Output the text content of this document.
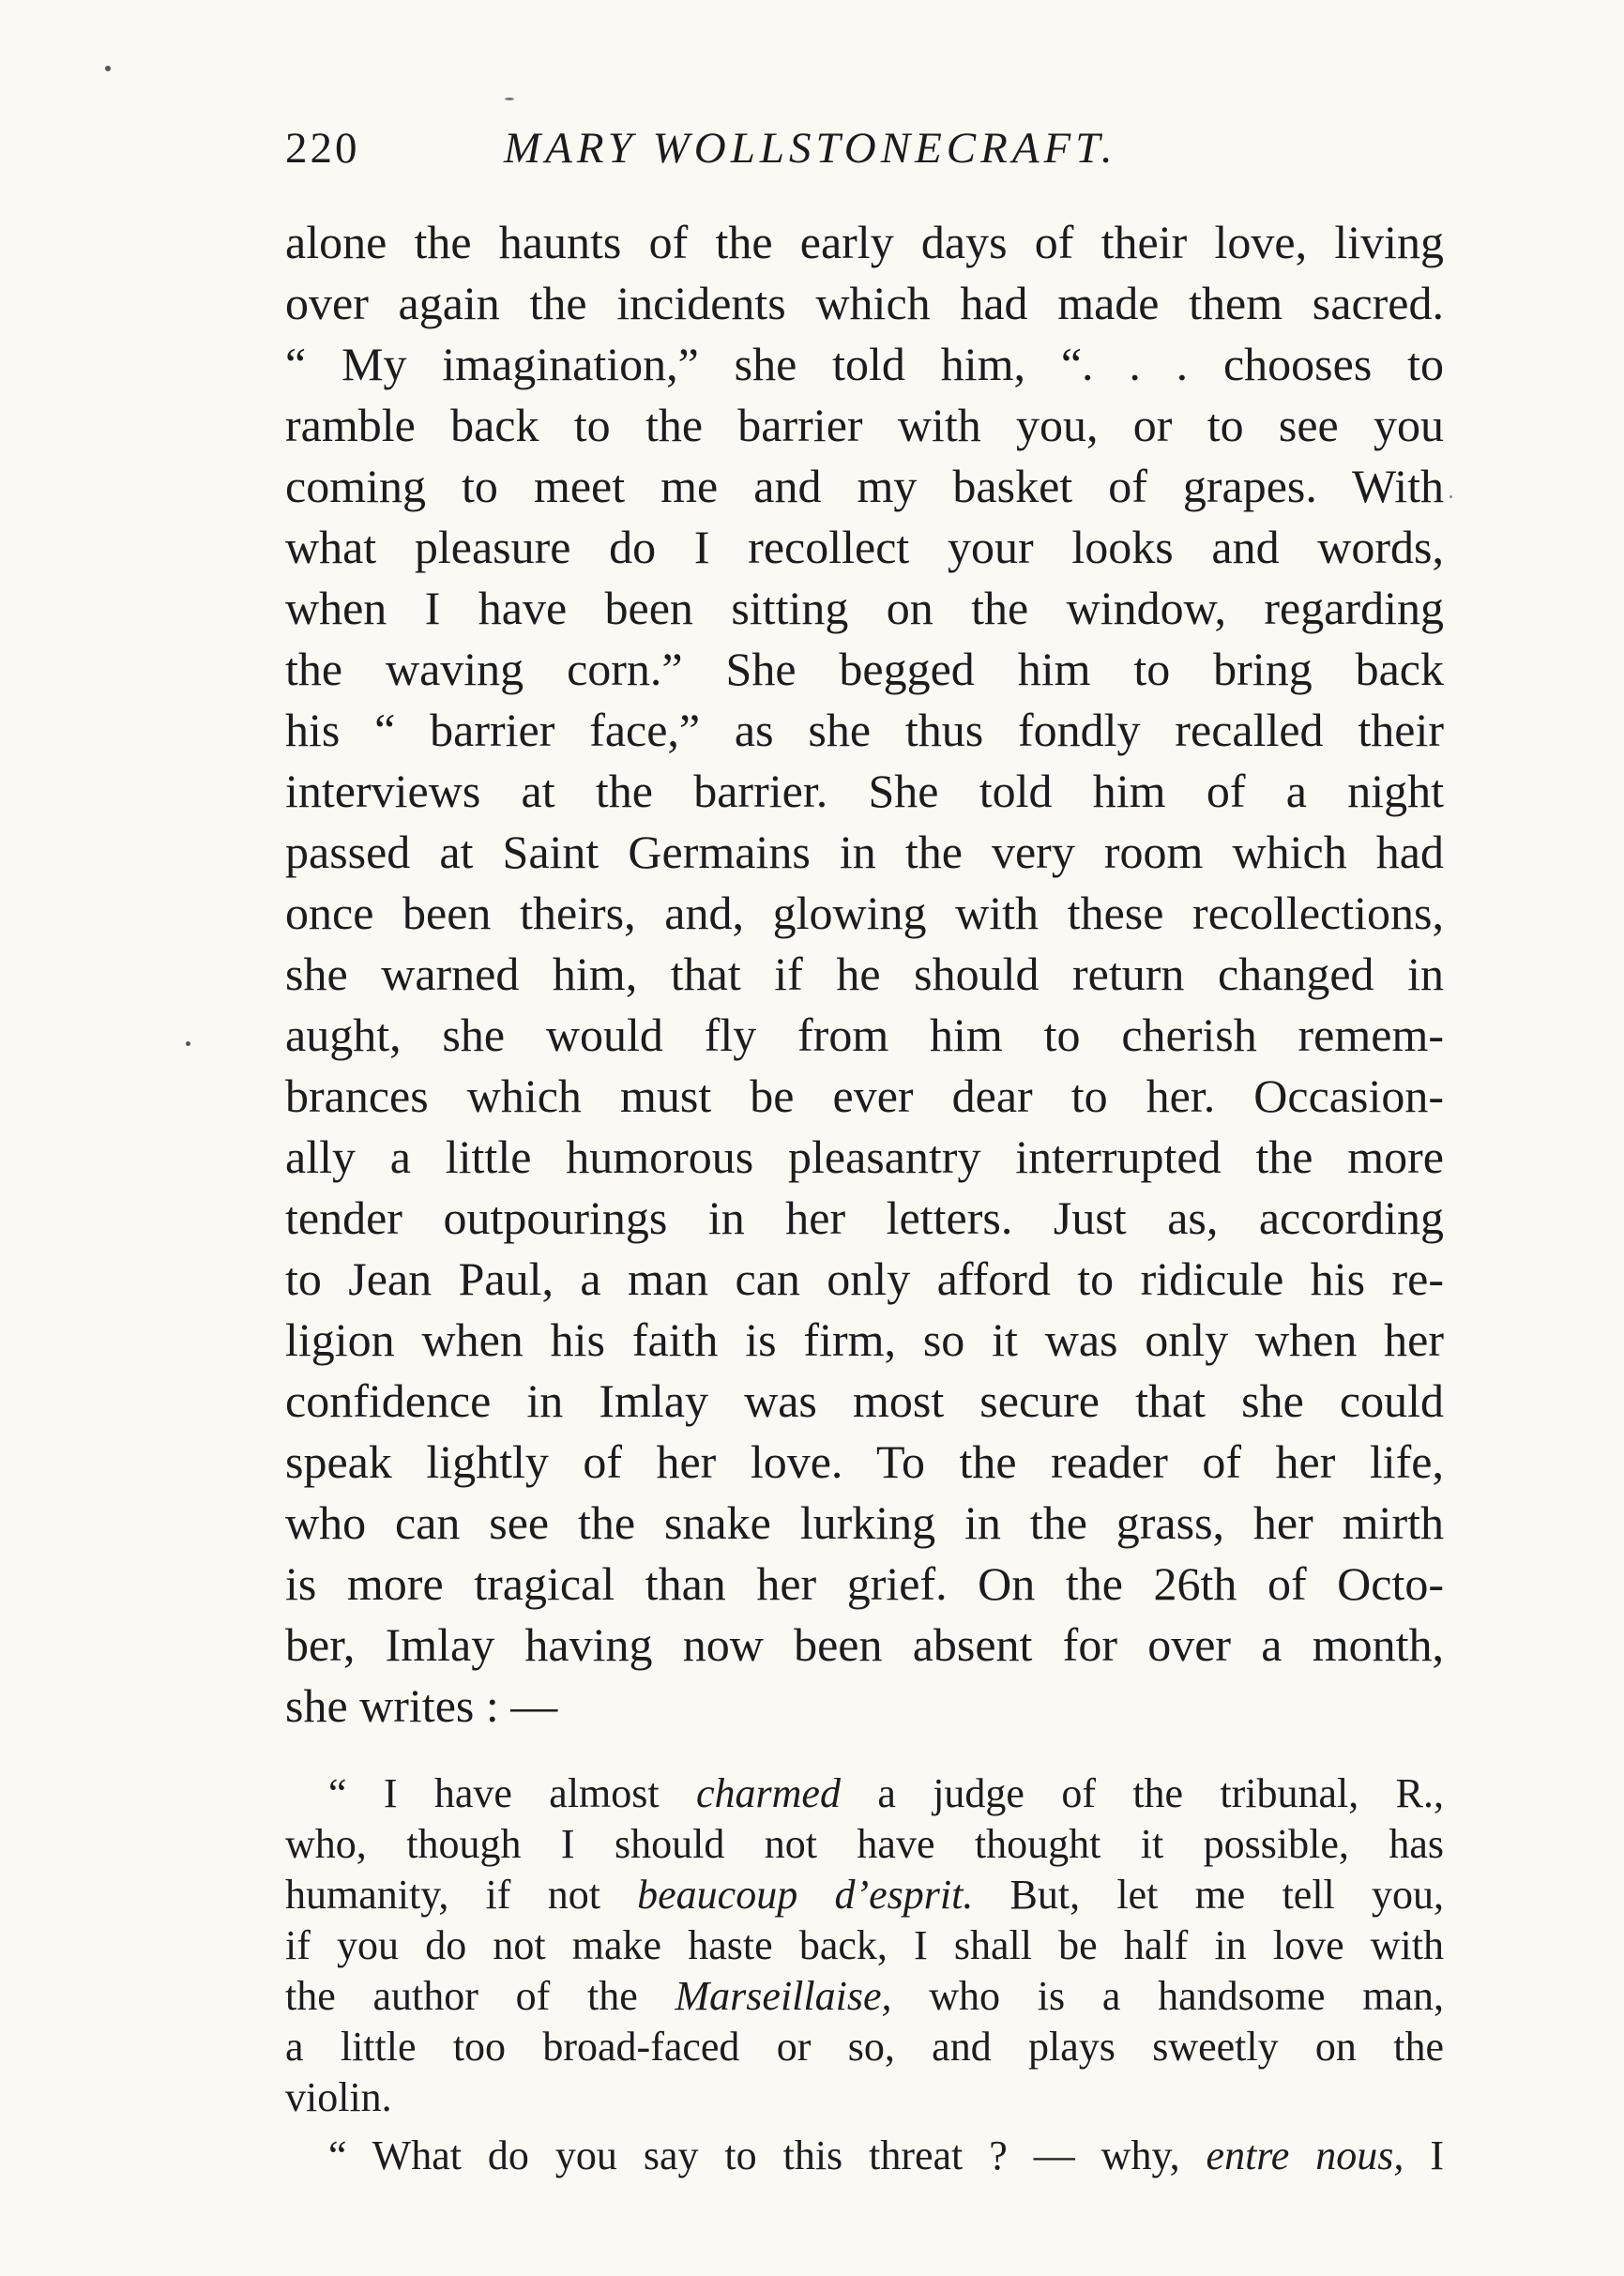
220	MARY WOLLSTONECRAFT.
alone the haunts of the early days of their love, living
over again the incidents which had made them sacred.
“ My imagination,” she told him, “. . . chooses to
ramble back to the barrier with you, or to see you
coming to meet me and my basket of grapes. With
what pleasure do I recollect your looks and words,
when I have been sitting on the window, regarding
the waving corn.” She begged him to bring back
his “ barrier face,” as she thus fondly recalled their
interviews at the barrier. She told him of a night
passed at Saint Germains in the very room which had
once been theirs, and, glowing with these recollections,
she warned him, that if he should return changed in
aught, she would fly from him to cherish remem-
brances which must be ever dear to her. Occasion-
ally a little humorous pleasantry interrupted the more
tender outpourings in her letters. Just as, according
to Jean Paul, a man can only afford to ridicule his re-
ligion when his faith is firm, so it was only when her
confidence in Imlay was most secure that she could
speak lightly of her love. To the reader of her life,
who can see the snake lurking in the grass, her mirth
is more tragical than her grief. On the 26th of Octo-
ber, Imlay having now been absent for over a month,
she writes : —
“ I have almost charmed a judge of the tribunal, R.,
who, though I should not have thought it possible, has
humanity, if not beaucoup d’esprit. But, let me tell you,
if you do not make haste back, I shall be half in love with
the author of the Marseillaise, who is a handsome man,
a little too broad-faced or so, and plays sweetly on the
violin.
“ What do you say to this threat ? — why, entre nous, I
